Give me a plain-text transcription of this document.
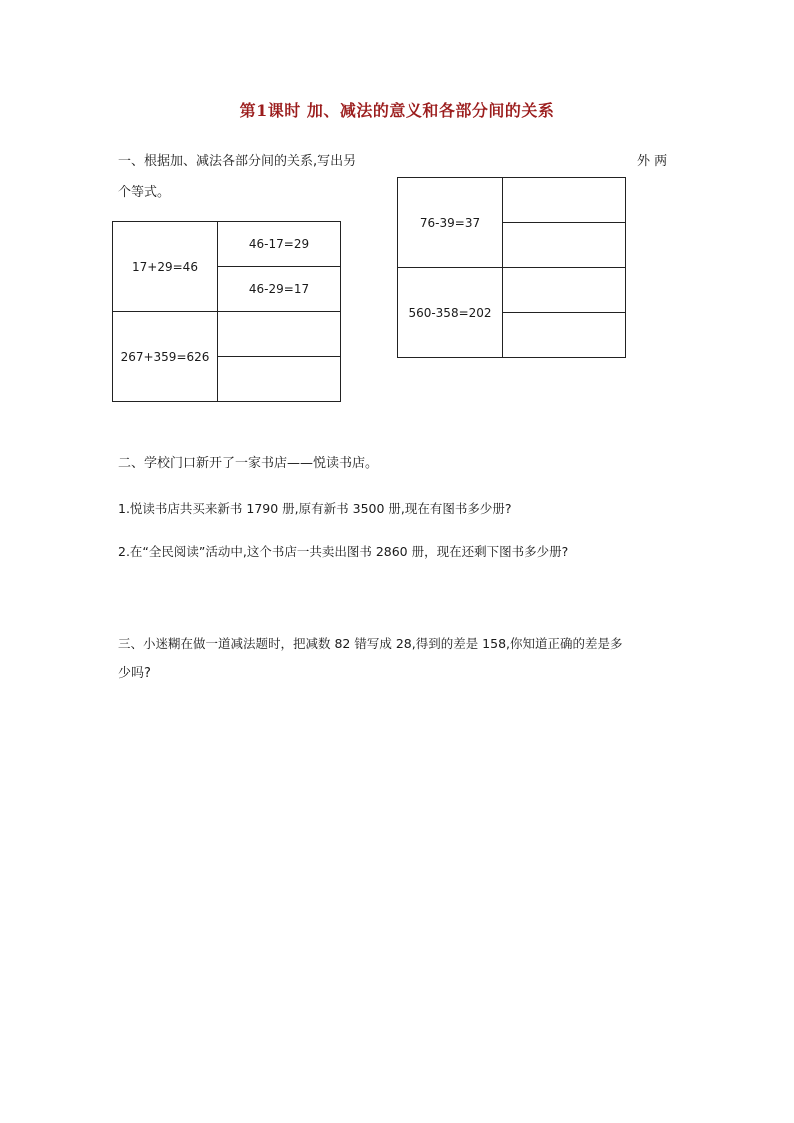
第1课时 加、减法的意义和各部分间的关系
一、根据加、减法各部分间的关系,写出另	外 两
个等式。
17+29=46	46-17=29
	46-29=17
267+359=626	

76-39=37	

560-358=202	

二、学校门口新开了一家书店——悦读书店。
1.悦读书店共买来新书 1790 册,原有新书 3500 册,现在有图书多少册?
2.在“全民阅读”活动中,这个书店一共卖出图书 2860 册，现在还剩下图书多少册?
三、小迷糊在做一道减法题时，把减数 82 错写成 28,得到的差是 158,你知道正确的差是多
少吗?
